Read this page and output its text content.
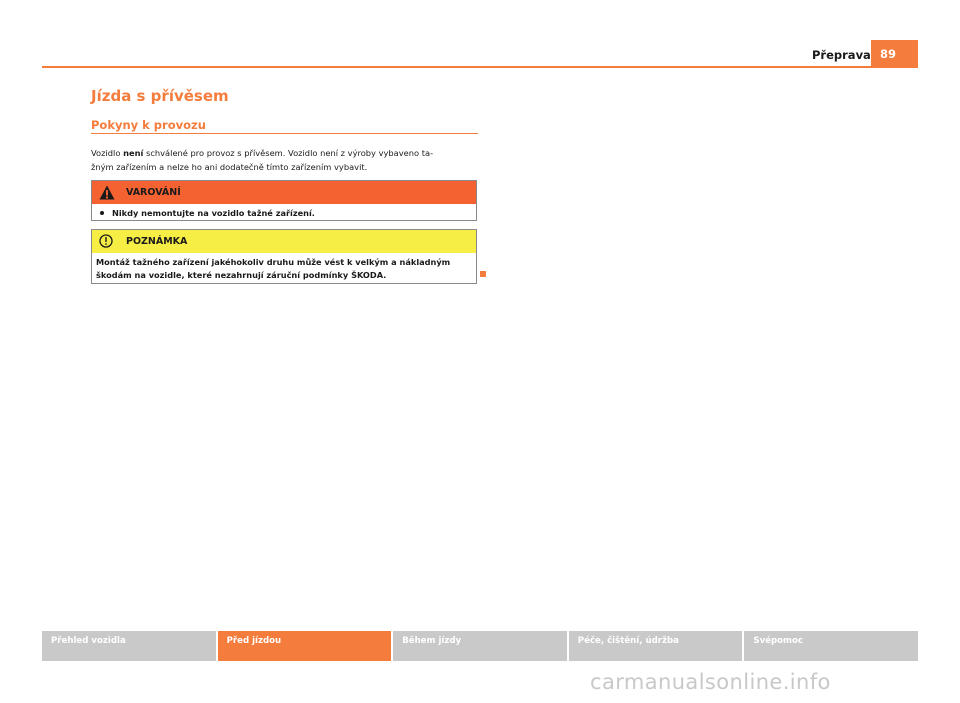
Přeprava 89
Jízda s přívěsem
Pokyny k provozu
Vozidlo není schválené pro provoz s přívěsem. Vozidlo není z výroby vybaveno ta-
žným zařízením a nelze ho ani dodatečně tímto zařízením vybavit.
VAROVÁNÍ
Nikdy nemontujte na vozidlo tažné zařízení.
POZNÁMKA
Montáž tažného zařízení jakéhokoliv druhu může vést k velkým a nákladným
škodám na vozidle, které nezahrnují záruční podmínky ŠKODA.
Přehled vozidla	Před jízdou	Během jízdy	Péče, čištění, údržba	Svépomoc
carmanualsonline.info
